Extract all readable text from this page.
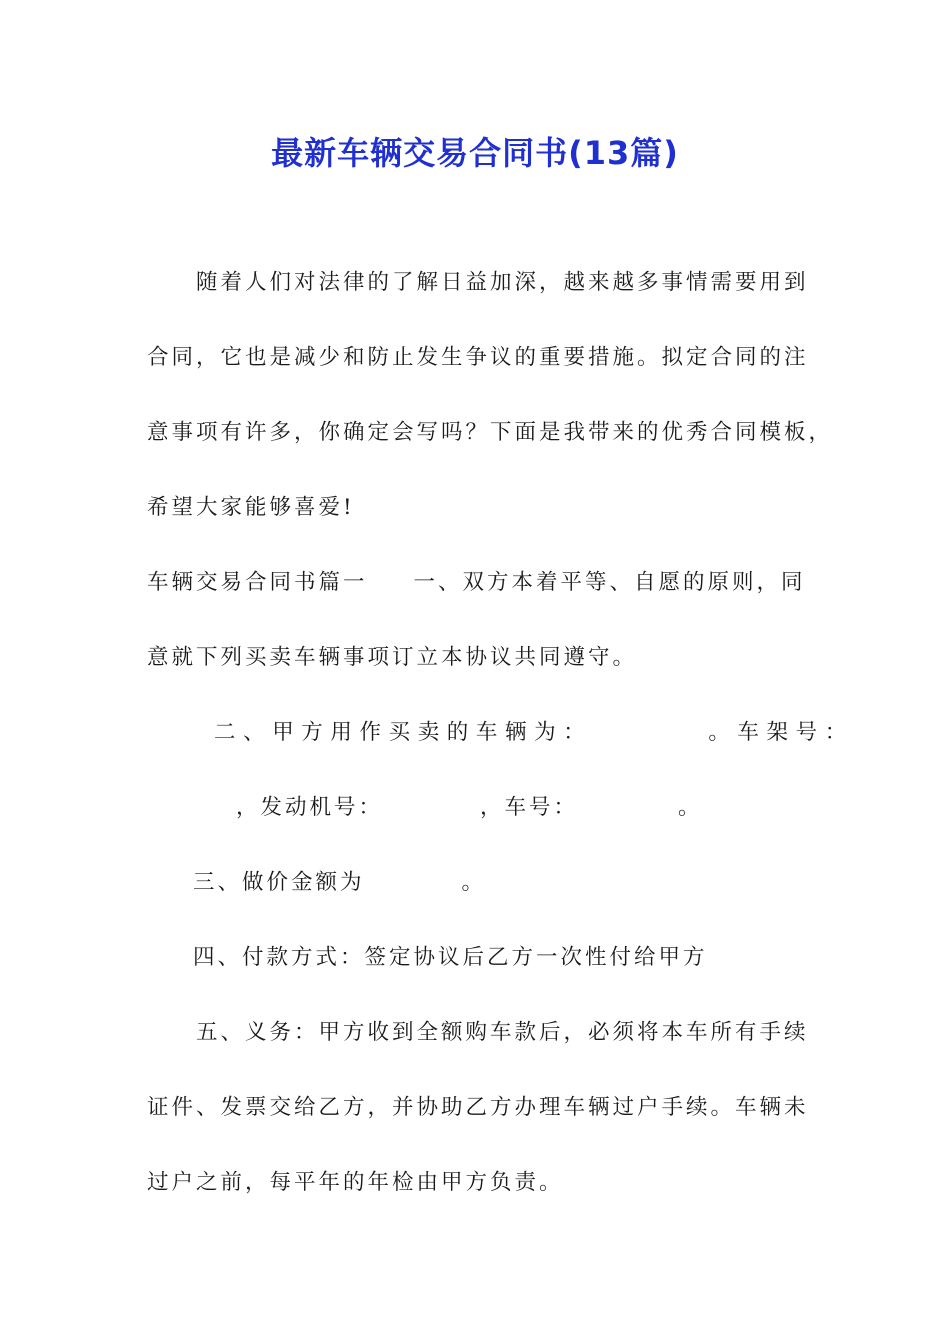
最新车辆交易合同书(13篇)
随着人们对法律的了解日益加深，越来越多事情需要用到
合同，它也是减少和防止发生争议的重要措施。拟定合同的注
意事项有许多，你确定会写吗？下面是我带来的优秀合同模板，
希望大家能够喜爱!
车辆交易合同书篇一 一、双方本着平等、自愿的原则，同
意就下列买卖车辆事项订立本协议共同遵守。
二、甲方用作买卖的车辆为：	。车架号：
，发动机号：	，车号：	。
三、做价金额为	。
四、付款方式：签定协议后乙方一次性付给甲方
五、义务：甲方收到全额购车款后，必须将本车所有手续
证件、发票交给乙方，并协助乙方办理车辆过户手续。车辆未
过户之前，每平年的年检由甲方负责。
